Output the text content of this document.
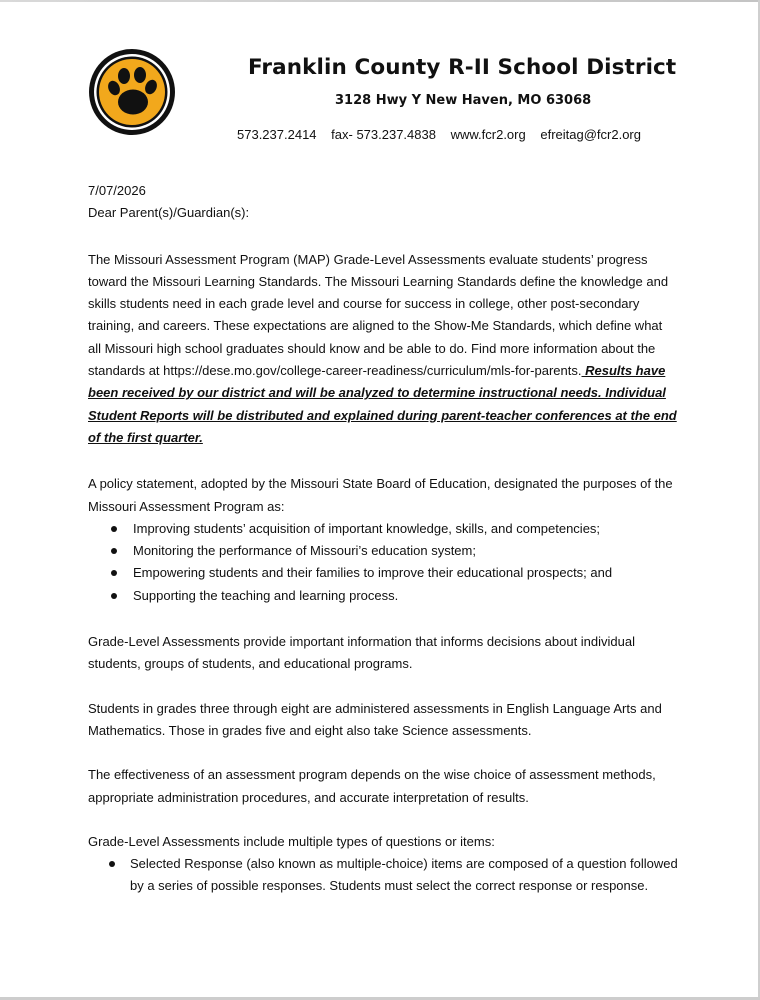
Franklin County R-II School District
3128 Hwy Y New Haven, MO 63068
573.237.2414 fax- 573.237.4838 www.fcr2.org efreitag@fcr2.org

7/07/2026

Dear Parent(s)/Guardian(s):

The Missouri Assessment Program (MAP) Grade-Level Assessments evaluate students’ progress toward the Missouri Learning Standards. The Missouri Learning Standards define the knowledge and skills students need in each grade level and course for success in college, other post-secondary training, and careers. These expectations are aligned to the Show-Me Standards, which define what all Missouri high school graduates should know and be able to do. Find more information about the standards at https://dese.mo.gov/college-career-readiness/curriculum/mls-for-parents. Results have been received by our district and will be analyzed to determine instructional needs. Individual Student Reports will be distributed and explained during parent-teacher conferences at the end of the first quarter.

A policy statement, adopted by the Missouri State Board of Education, designated the purposes of the Missouri Assessment Program as:

Improving students’ acquisition of important knowledge, skills, and competencies;
Monitoring the performance of Missouri’s education system;
Empowering students and their families to improve their educational prospects; and
Supporting the teaching and learning process.

Grade-Level Assessments provide important information that informs decisions about individual students, groups of students, and educational programs.

Students in grades three through eight are administered assessments in English Language Arts and Mathematics. Those in grades five and eight also take Science assessments.

The effectiveness of an assessment program depends on the wise choice of assessment methods, appropriate administration procedures, and accurate interpretation of results.

Grade-Level Assessments include multiple types of questions or items:

Selected Response (also known as multiple-choice) items are composed of a question followed by a series of possible responses. Students must select the correct response or response.
